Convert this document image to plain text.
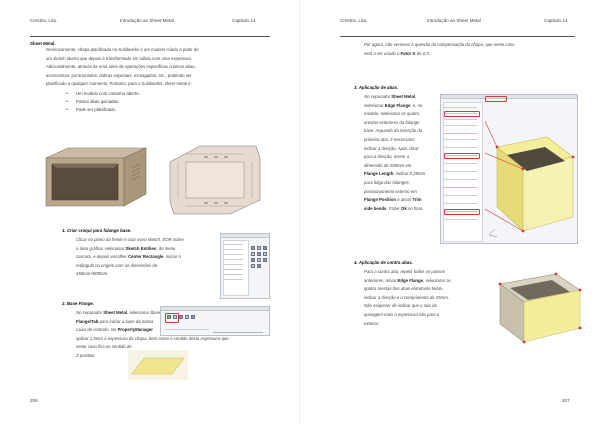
Crestrix, Lda.	Introdução ao Sheet Metal	Capítulo 14
Sheet Metal.
Genericamente, chapa planificada no Solidworks é um modelo criado a partir de
um sketch aberto que depois é transformado em sólido com uma espessura.
Adicionalmente, através de uma série de operações específicas criamos abas,
acrescentos, punicionados, dobras especiais, esmagados, etc., podendo ser
planificado a qualquer momento. Portanto, para o Solidworks, sheet metal é:
• Um modelo com contorno aberto.
• Possui abas quinadas.
• Pode ser planificado.
1. Criar croquí para falange base.
Clicar no plano da frente e criar novo sketch. EOR sobre
a área gráfica, selecionar Sketch Entities, do menu
cascata, e depois escolher Center Rectangle. Iniciar o
retângulo na origem com as dimensões de
450mm×800mm.
2. Base Flange.
No separador Sheet Metal, selecionar Base
Flange/Tab para iniciar a base da nossa
caixa de controlo. No PropertyManager
aplicar 1,5mm à espessura da chapa, bem como o sentido desta espessura que
neste caso fica no sentido de
Z positivo.
206
Crestrix, Lda.	Introdução ao Sheet Metal	Capítulo 14
Por agora, não veremos a questão da compensação da chapa, que neste caso
está a ser usado o Fator K de 0,5.
3. Aplicação de abas.
No separador Sheet Metal,
selecionar Edge Flange, e, no
modelo, selecionar as quatro
arestas exteriores da falange
base. Aquando da inserção da
primeira aba, é necessário
indicar a direção. Após clicar
para a direção, inserir a
dimensão de 200mm em
Flange Length, indicar 0,25mm
para folga das falanges,
posicionamento externo em
Flange Position e ativar Trim
side bends. Fazer Ok no final.
4. Aplicação de contra abas.
Para a contra aba, repetir todos os passos
anteriores. Ativar Edge Flange, selecionar as
quatro arestas das abas entretanto feitas,
indicar a direção e o comprimento de 25mm.
Não esquecer de indicar que o raio da
quinagem mais a espessura são para o
exterior.
207
